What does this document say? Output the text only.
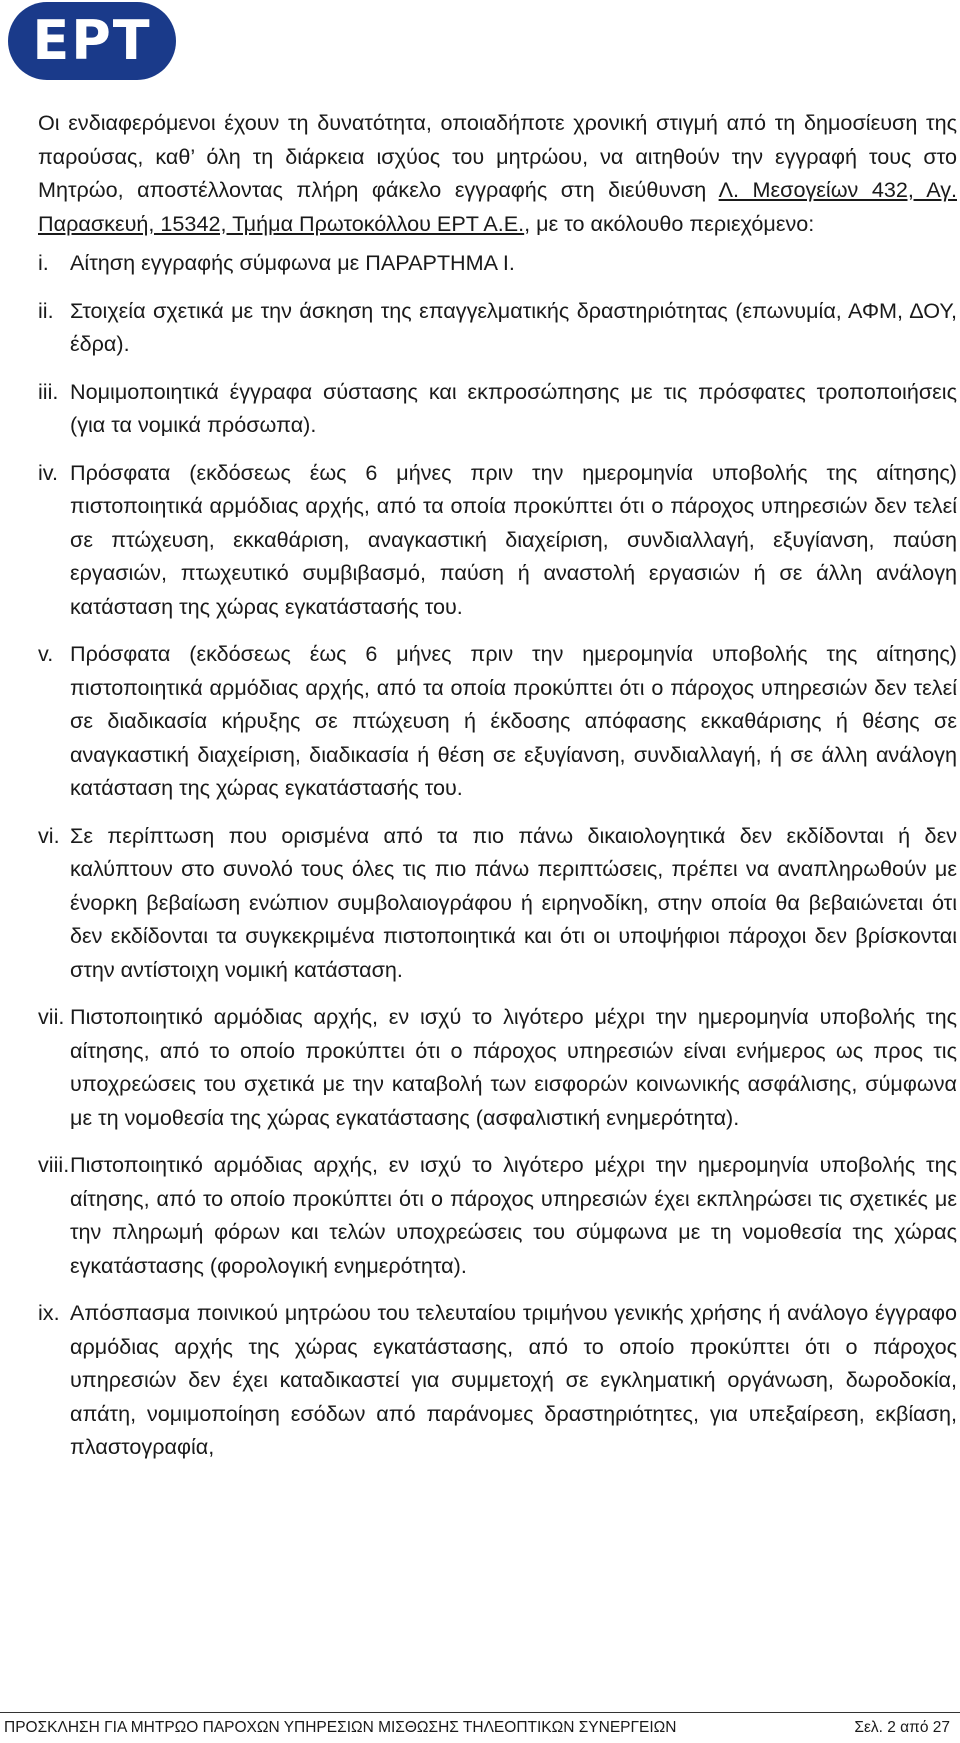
EPT

Οι ενδιαφερόμενοι έχουν τη δυνατότητα, οποιαδήποτε χρονική στιγμή από τη δημοσίευση της παρούσας, καθ’ όλη τη διάρκεια ισχύος του μητρώου, να αιτηθούν την εγγραφή τους στο Μητρώο, αποστέλλοντας πλήρη φάκελο εγγραφής στη διεύθυνση Λ. Μεσογείων 432, Αγ. Παρασκευή, 15342, Τμήμα Πρωτοκόλλου ΕΡΤ Α.Ε., με το ακόλουθο περιεχόμενο:

i. Αίτηση εγγραφής σύμφωνα με ΠΑΡΑΡΤΗΜΑ Ι.
ii. Στοιχεία σχετικά με την άσκηση της επαγγελματικής δραστηριότητας (επωνυμία, ΑΦΜ, ΔΟΥ, έδρα).
iii. Νομιμοποιητικά έγγραφα σύστασης και εκπροσώπησης με τις πρόσφατες τροποποιήσεις (για τα νομικά πρόσωπα).
iv. Πρόσφατα (εκδόσεως έως 6 μήνες πριν την ημερομηνία υποβολής της αίτησης) πιστοποιητικά αρμόδιας αρχής, από τα οποία προκύπτει ότι ο πάροχος υπηρεσιών δεν τελεί σε πτώχευση, εκκαθάριση, αναγκαστική διαχείριση, συνδιαλλαγή, εξυγίανση, παύση εργασιών, πτωχευτικό συμβιβασμό, παύση ή αναστολή εργασιών ή σε άλλη ανάλογη κατάσταση της χώρας εγκατάστασής του.
v. Πρόσφατα (εκδόσεως έως 6 μήνες πριν την ημερομηνία υποβολής της αίτησης) πιστοποιητικά αρμόδιας αρχής, από τα οποία προκύπτει ότι ο πάροχος υπηρεσιών δεν τελεί σε διαδικασία κήρυξης σε πτώχευση ή έκδοσης απόφασης εκκαθάρισης ή θέσης σε αναγκαστική διαχείριση, διαδικασία ή θέση σε εξυγίανση, συνδιαλλαγή, ή σε άλλη ανάλογη κατάσταση της χώρας εγκατάστασής του.
vi. Σε περίπτωση που ορισμένα από τα πιο πάνω δικαιολογητικά δεν εκδίδονται ή δεν καλύπτουν στο συνολό τους όλες τις πιο πάνω περιπτώσεις, πρέπει να αναπληρωθούν με ένορκη βεβαίωση ενώπιον συμβολαιογράφου ή ειρηνοδίκη, στην οποία θα βεβαιώνεται ότι δεν εκδίδονται τα συγκεκριμένα πιστοποιητικά και ότι οι υποψήφιοι πάροχοι δεν βρίσκονται στην αντίστοιχη νομική κατάσταση.
vii. Πιστοποιητικό αρμόδιας αρχής, εν ισχύ το λιγότερο μέχρι την ημερομηνία υποβολής της αίτησης, από το οποίο προκύπτει ότι ο πάροχος υπηρεσιών είναι ενήμερος ως προς τις υποχρεώσεις του σχετικά με την καταβολή των εισφορών κοινωνικής ασφάλισης, σύμφωνα με τη νομοθεσία της χώρας εγκατάστασης (ασφαλιστική ενημερότητα).
viii. Πιστοποιητικό αρμόδιας αρχής, εν ισχύ το λιγότερο μέχρι την ημερομηνία υποβολής της αίτησης, από το οποίο προκύπτει ότι ο πάροχος υπηρεσιών έχει εκπληρώσει τις σχετικές με την πληρωμή φόρων και τελών υποχρεώσεις του σύμφωνα με τη νομοθεσία της χώρας εγκατάστασης (φορολογική ενημερότητα).
ix. Απόσπασμα ποινικού μητρώου του τελευταίου τριμήνου γενικής χρήσης ή ανάλογο έγγραφο αρμόδιας αρχής της χώρας εγκατάστασης, από το οποίο προκύπτει ότι ο πάροχος υπηρεσιών δεν έχει καταδικαστεί για συμμετοχή σε εγκληματική οργάνωση, δωροδοκία, απάτη, νομιμοποίηση εσόδων από παράνομες δραστηριότητες, για υπεξαίρεση, εκβίαση, πλαστογραφία,
ΠΡΟΣΚΛΗΣΗ ΓΙΑ ΜΗΤΡΩΟ ΠΑΡΟΧΩΝ ΥΠΗΡΕΣΙΩΝ ΜΙΣΘΩΣΗΣ ΤΗΛΕΟΠΤΙΚΩΝ ΣΥΝΕΡΓΕΙΩΝ	Σελ. 2 από 27
